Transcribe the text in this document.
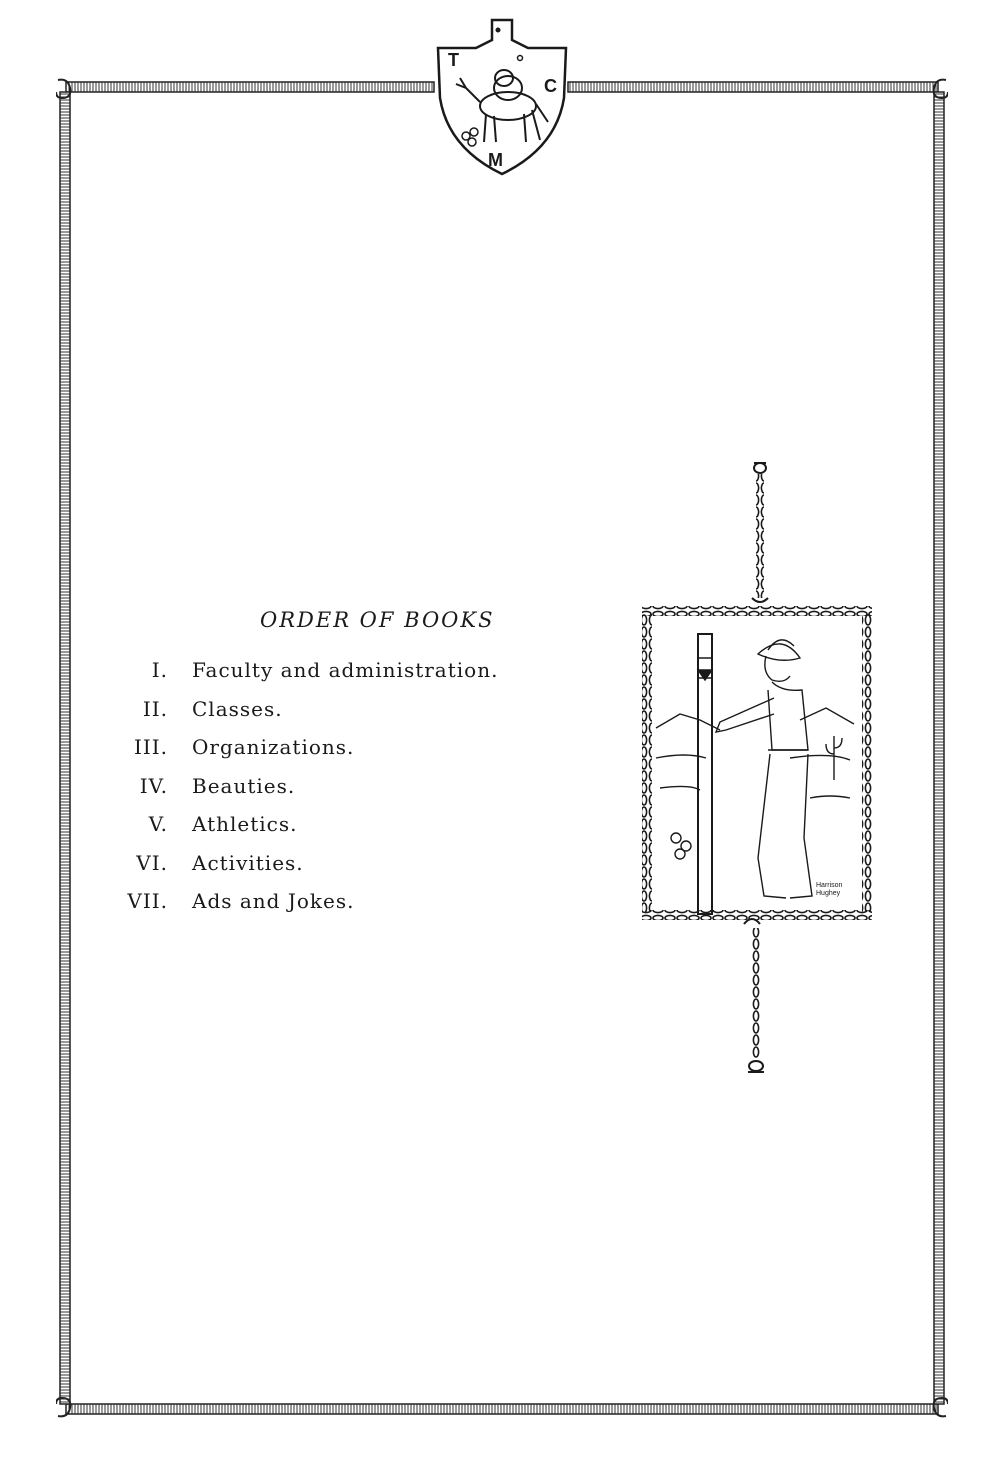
T
C
M
ORDER OF BOOKS
I. Faculty and administration.
II. Classes.
III. Organizations.
IV. Beauties.
V. Athletics.
VI. Activities.
VII. Ads and Jokes.
Harrison Hughey
